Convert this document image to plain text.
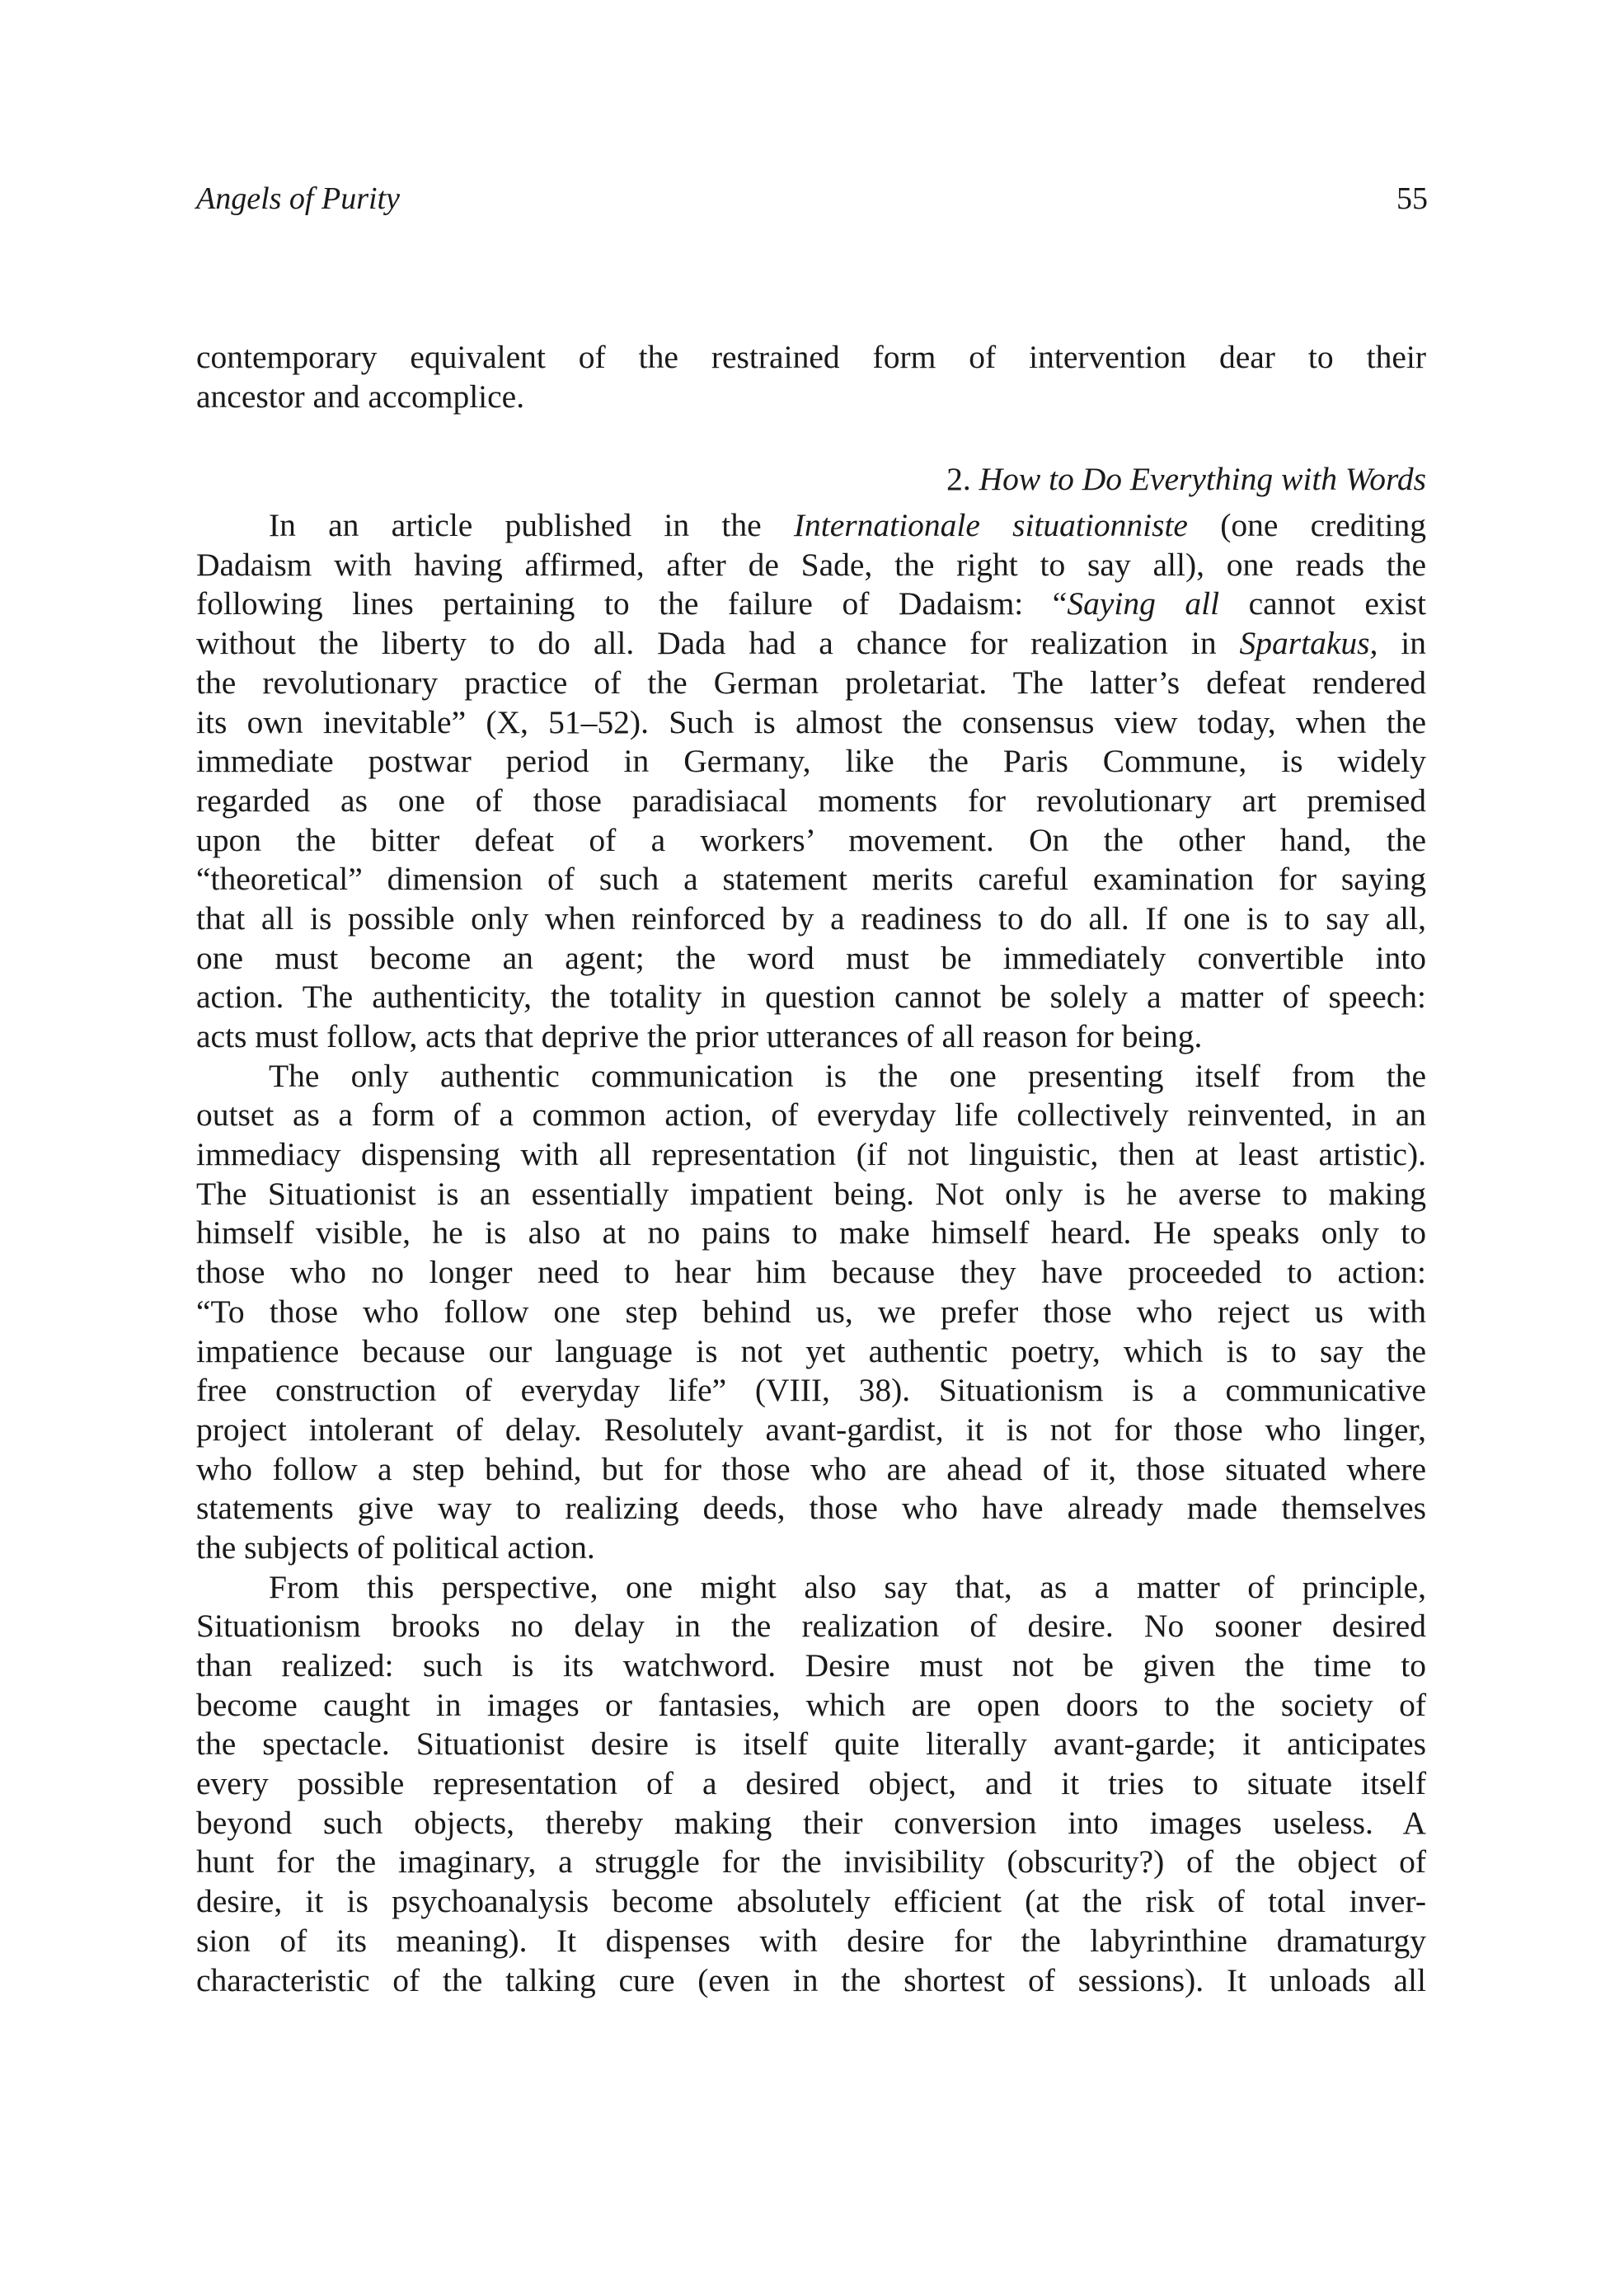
Angels of Purity	55
contemporary equivalent of the restrained form of intervention dear to their
ancestor and accomplice.
2. How to Do Everything with Words
In an article published in the Internationale situationniste (one crediting
Dadaism with having affirmed, after de Sade, the right to say all), one reads the
following lines pertaining to the failure of Dadaism: “Saying all cannot exist
without the liberty to do all. Dada had a chance for realization in Spartakus, in
the revolutionary practice of the German proletariat. The latter’s defeat rendered
its own inevitable” (X, 51–52). Such is almost the consensus view today, when the
immediate postwar period in Germany, like the Paris Commune, is widely
regarded as one of those paradisiacal moments for revolutionary art premised
upon the bitter defeat of a workers’ movement. On the other hand, the
“theoretical” dimension of such a statement merits careful examination for saying
that all is possible only when reinforced by a readiness to do all. If one is to say all,
one must become an agent; the word must be immediately convertible into
action. The authenticity, the totality in question cannot be solely a matter of speech:
acts must follow, acts that deprive the prior utterances of all reason for being.
The only authentic communication is the one presenting itself from the
outset as a form of a common action, of everyday life collectively reinvented, in an
immediacy dispensing with all representation (if not linguistic, then at least artistic).
The Situationist is an essentially impatient being. Not only is he averse to making
himself visible, he is also at no pains to make himself heard. He speaks only to
those who no longer need to hear him because they have proceeded to action:
“To those who follow one step behind us, we prefer those who reject us with
impatience because our language is not yet authentic poetry, which is to say the
free construction of everyday life” (VIII, 38). Situationism is a communicative
project intolerant of delay. Resolutely avant-gardist, it is not for those who linger,
who follow a step behind, but for those who are ahead of it, those situated where
statements give way to realizing deeds, those who have already made themselves
the subjects of political action.
From this perspective, one might also say that, as a matter of principle,
Situationism brooks no delay in the realization of desire. No sooner desired
than realized: such is its watchword. Desire must not be given the time to
become caught in images or fantasies, which are open doors to the society of
the spectacle. Situationist desire is itself quite literally avant-garde; it anticipates
every possible representation of a desired object, and it tries to situate itself
beyond such objects, thereby making their conversion into images useless. A
hunt for the imaginary, a struggle for the invisibility (obscurity?) of the object of
desire, it is psychoanalysis become absolutely efficient (at the risk of total inver-
sion of its meaning). It dispenses with desire for the labyrinthine dramaturgy
characteristic of the talking cure (even in the shortest of sessions). It unloads all
